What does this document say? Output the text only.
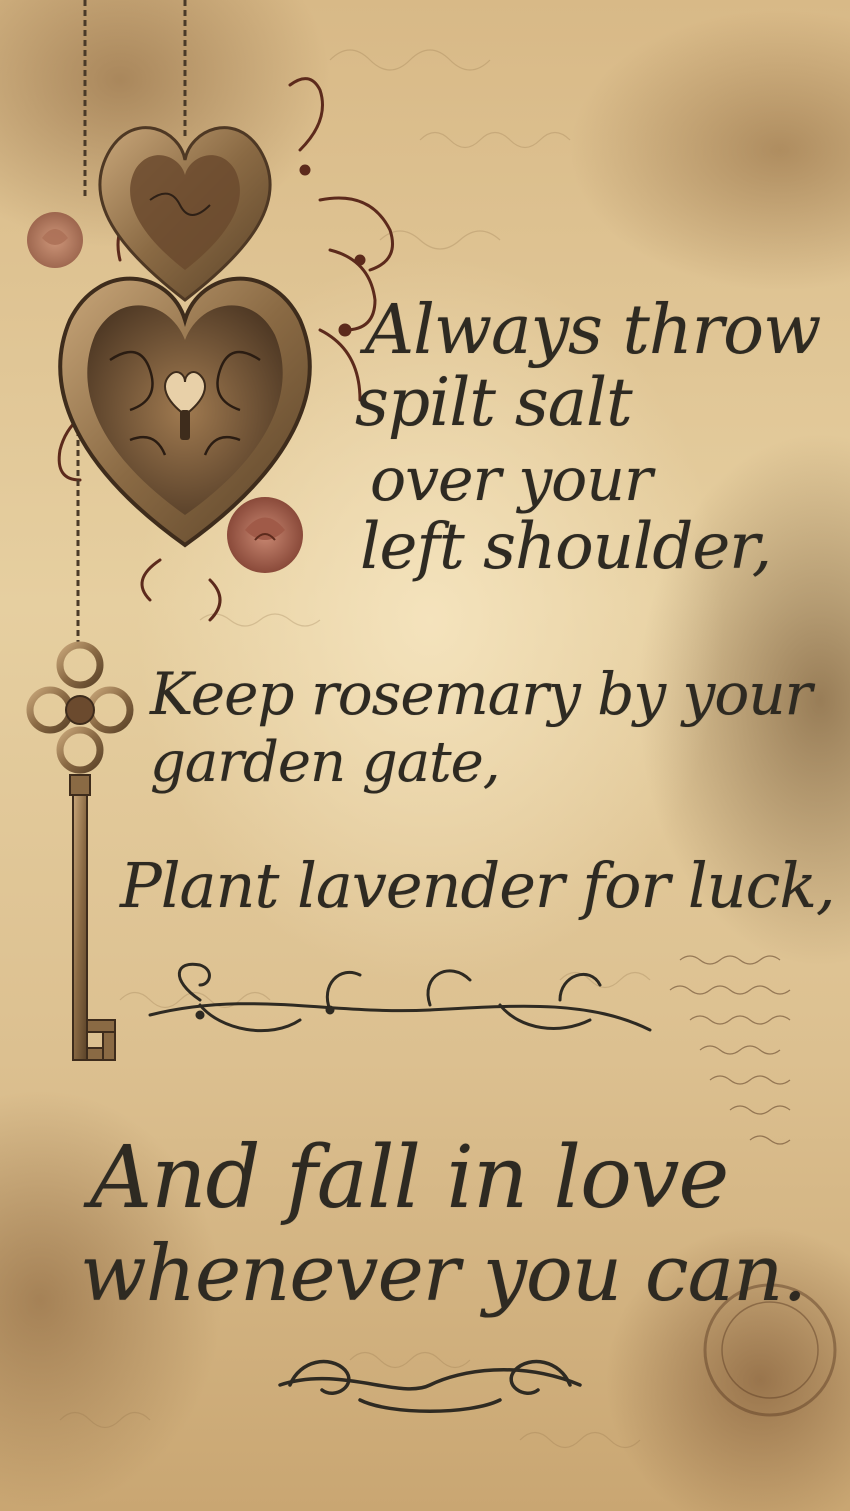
Always throw
spilt salt
over your
left shoulder,
Keep rosemary by your
garden gate,
Plant lavender for luck,
And fall in love
whenever you can.
